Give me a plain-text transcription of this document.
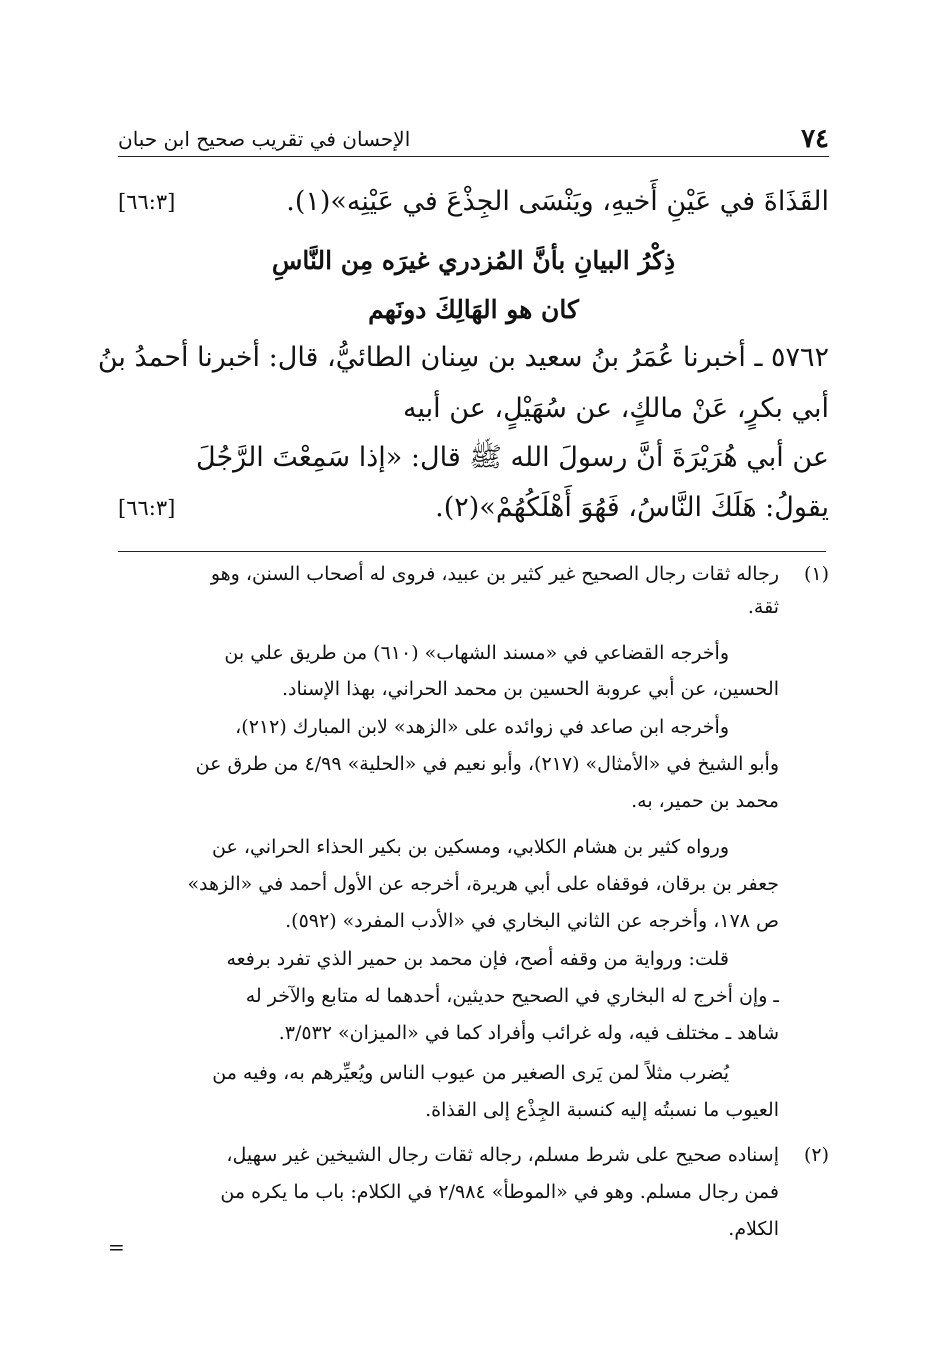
٧٤
الإحسان في تقريب صحيح ابن حبان
القَذَاةَ في عَيْنِ أَخيهِ، ويَنْسَى الجِذْعَ في عَيْنِه»(١).
[٦٦:٣]
ذِكْرُ البيانِ بأنَّ المُزدري غيرَه مِن النَّاسِ
كان هو الهَالِكَ دونَهم
٥٧٦٢ ـ أخبرنا عُمَرُ بنُ سعيد بن سِنان الطائيُّ، قال: أخبرنا أحمدُ بنُ
أبي بكرٍ، عَنْ مالكٍ، عن سُهَيْلٍ، عن أبيه
عن أبي هُرَيْرَةَ أنَّ رسولَ الله ﷺ قال: «إذا سَمِعْتَ الرَّجُلَ
يقولُ: هَلَكَ النَّاسُ، فَهُوَ أَهْلَكُهُمْ»(٢).
[٦٦:٣]
(١)
رجاله ثقات رجال الصحيح غير كثير بن عبيد، فروى له أصحاب السنن، وهو
ثقة.
وأخرجه القضاعي في «مسند الشهاب» (٦١٠) من طريق علي بن
الحسين، عن أبي عروبة الحسين بن محمد الحراني، بهذا الإسناد.
وأخرجه ابن صاعد في زوائده على «الزهد» لابن المبارك (٢١٢)،
وأبو الشيخ في «الأمثال» (٢١٧)، وأبو نعيم في «الحلية» ٤/٩٩ من طرق عن
محمد بن حمير، به.
ورواه كثير بن هشام الكلابي، ومسكين بن بكير الحذاء الحراني، عن
جعفر بن برقان، فوقفاه على أبي هريرة، أخرجه عن الأول أحمد في «الزهد»
ص ١٧٨، وأخرجه عن الثاني البخاري في «الأدب المفرد» (٥٩٢).
قلت: ورواية من وقفه أصح، فإن محمد بن حمير الذي تفرد برفعه
ـ وإن أخرج له البخاري في الصحيح حديثين، أحدهما له متابع والآخر له
شاهد ـ مختلف فيه، وله غرائب وأفراد كما في «الميزان» ٣/٥٣٢.
يُضرب مثلاً لمن يَرى الصغير من عيوب الناس ويُعيِّرهم به، وفيه من
العيوب ما نسبتُه إليه كنسبة الجِذْع إلى القذاة.
(٢)
إسناده صحيح على شرط مسلم، رجاله ثقات رجال الشيخين غير سهيل،
فمن رجال مسلم. وهو في «الموطأ» ٢/٩٨٤ في الكلام: باب ما يكره من
الكلام.
=
